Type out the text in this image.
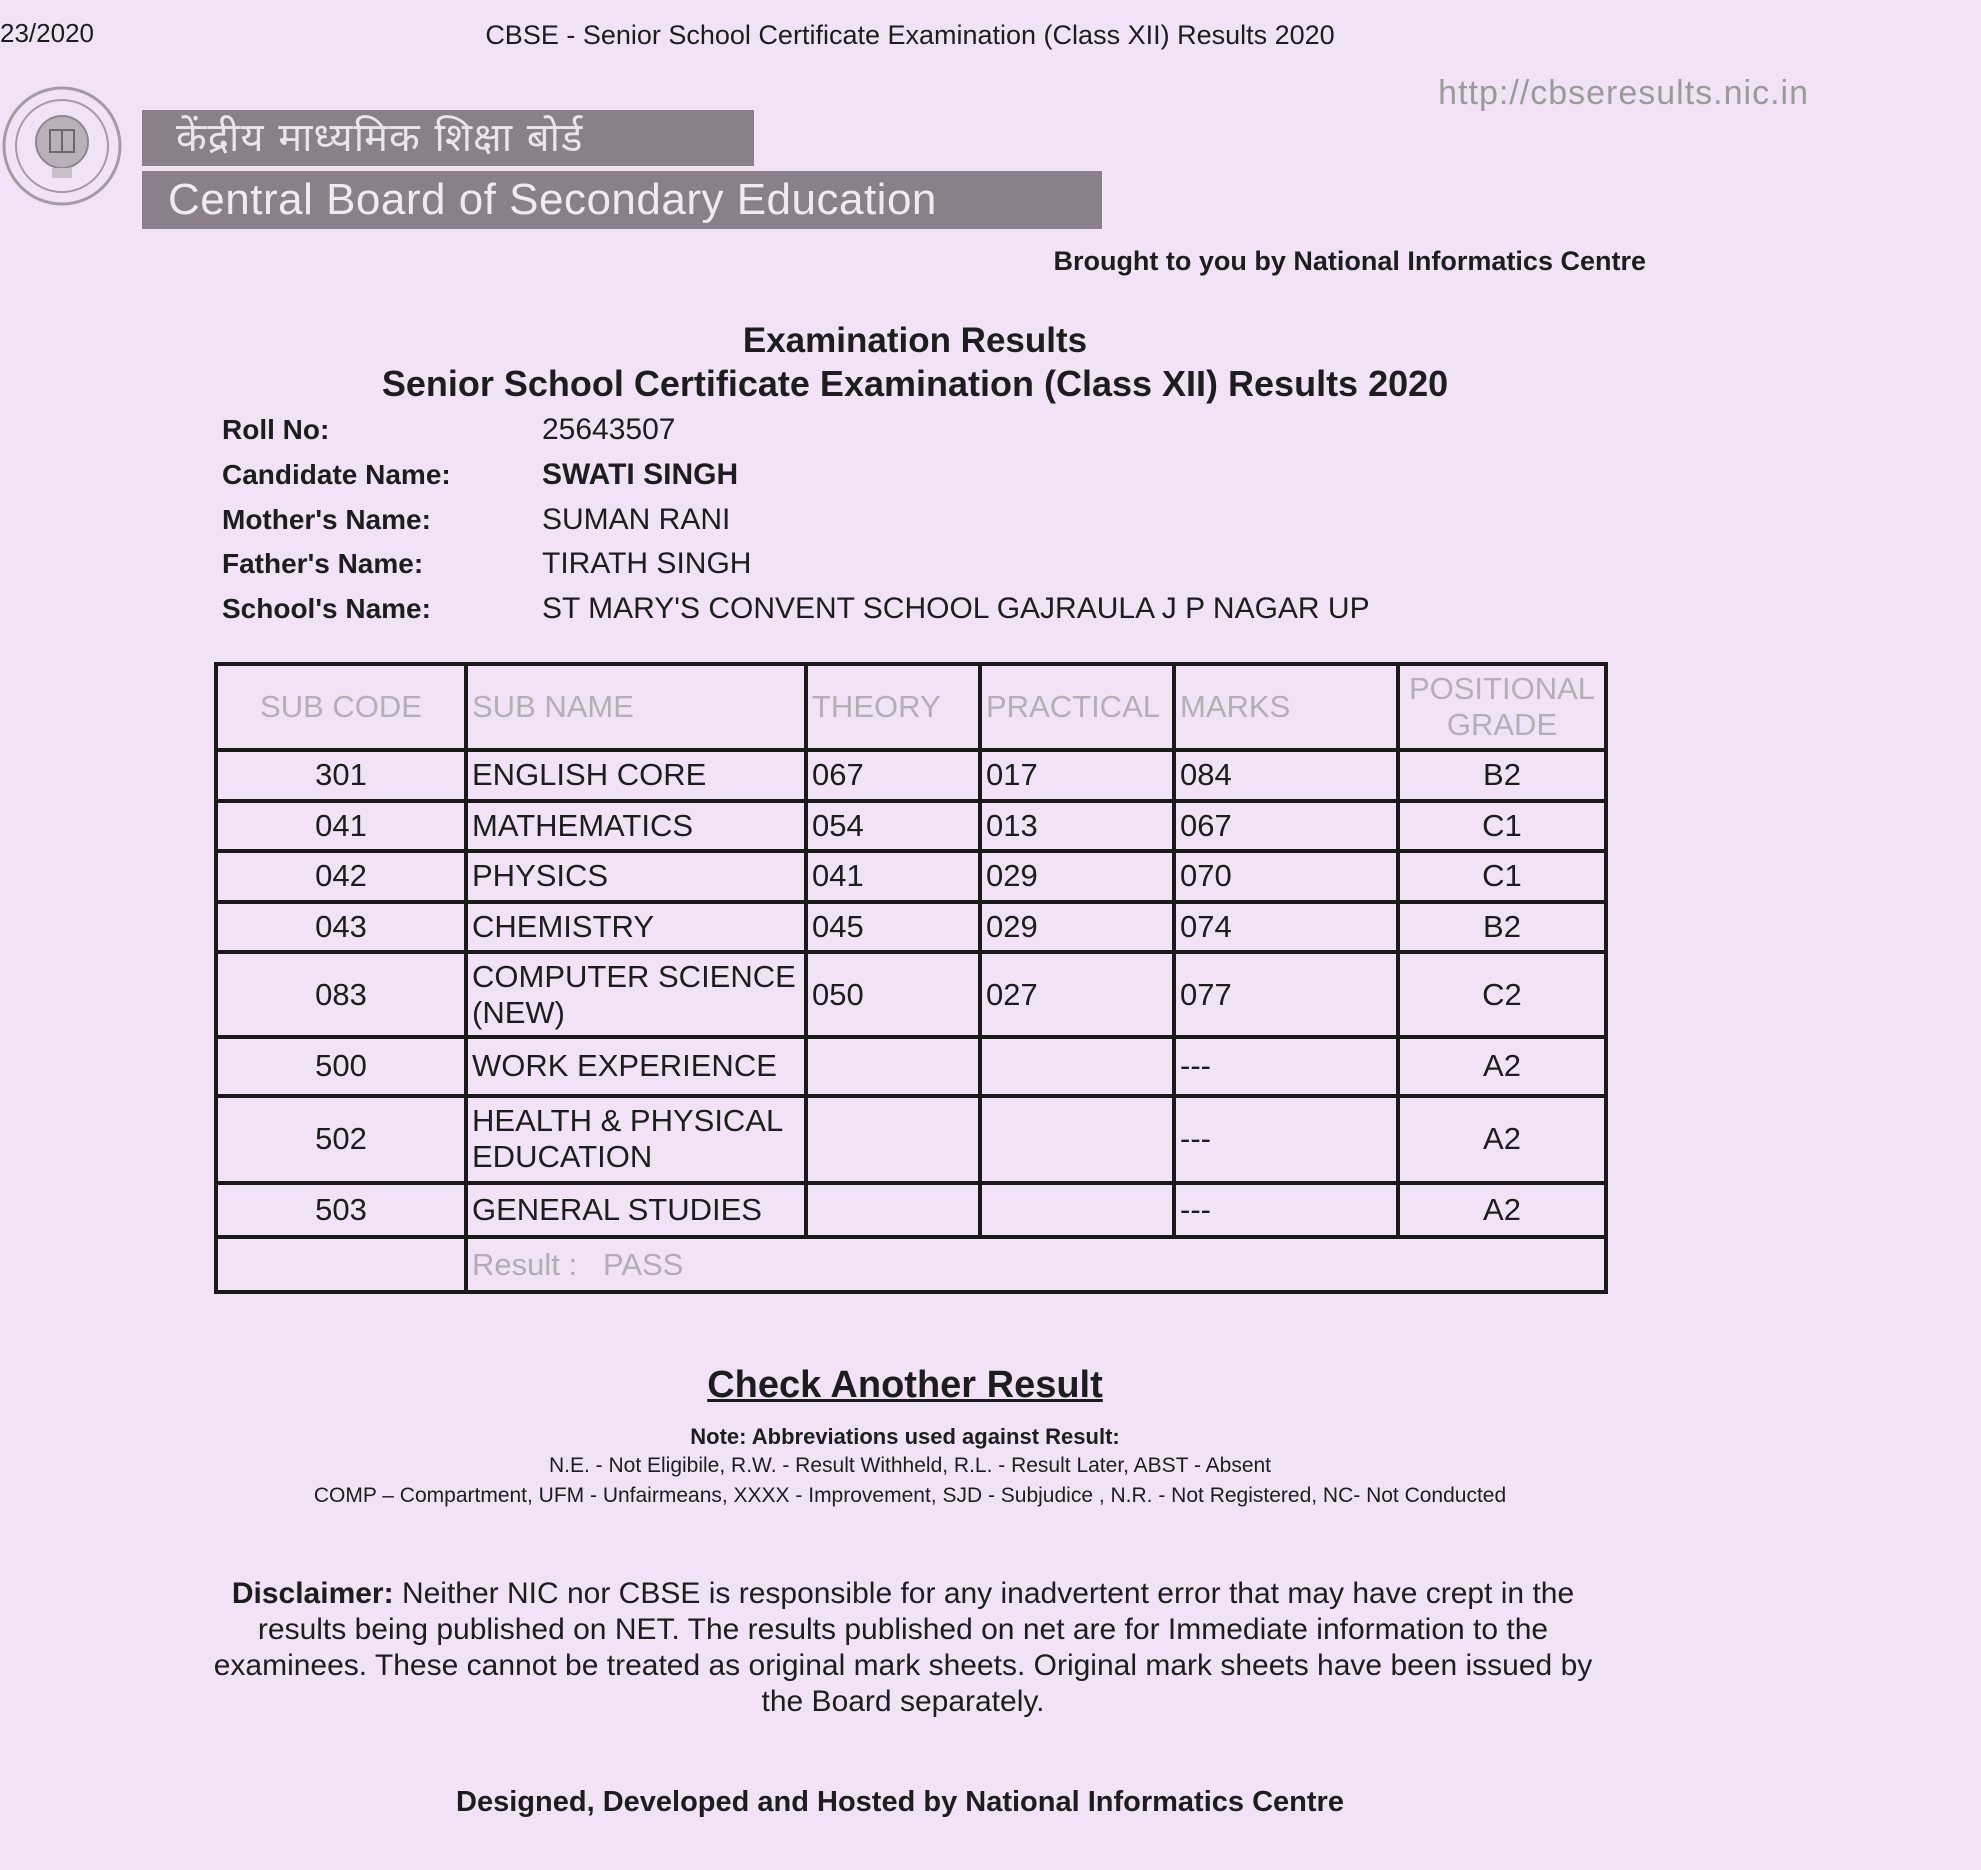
23/2020	CBSE - Senior School Certificate Examination (Class XII) Results 2020
http://cbseresults.nic.in
केंद्रीय माध्यमिक शिक्षा बोर्ड
Central Board of Secondary Education
Brought to you by National Informatics Centre
Examination Results
Senior School Certificate Examination (Class XII) Results 2020
Roll No:	25643507
Candidate Name:	SWATI SINGH
Mother's Name:	SUMAN RANI
Father's Name:	TIRATH SINGH
School's Name:	ST MARY'S CONVENT SCHOOL GAJRAULA J P NAGAR UP
SUB CODE	SUB NAME	THEORY	PRACTICAL	MARKS	POSITIONAL GRADE
301	ENGLISH CORE	067	017	084	B2
041	MATHEMATICS	054	013	067	C1
042	PHYSICS	041	029	070	C1
043	CHEMISTRY	045	029	074	B2
083	COMPUTER SCIENCE (NEW)	050	027	077	C2
500	WORK EXPERIENCE			---	A2
502	HEALTH & PHYSICAL EDUCATION			---	A2
503	GENERAL STUDIES			---	A2
	Result : PASS				
Check Another Result
Note: Abbreviations used against Result:
N.E. - Not Eligibile, R.W. - Result Withheld, R.L. - Result Later, ABST - Absent
COMP – Compartment, UFM - Unfairmeans, XXXX - Improvement, SJD - Subjudice , N.R. - Not Registered, NC- Not Conducted
Disclaimer: Neither NIC nor CBSE is responsible for any inadvertent error that may have crept in the results being published on NET. The results published on net are for Immediate information to the examinees. These cannot be treated as original mark sheets. Original mark sheets have been issued by the Board separately.
Designed, Developed and Hosted by National Informatics Centre
